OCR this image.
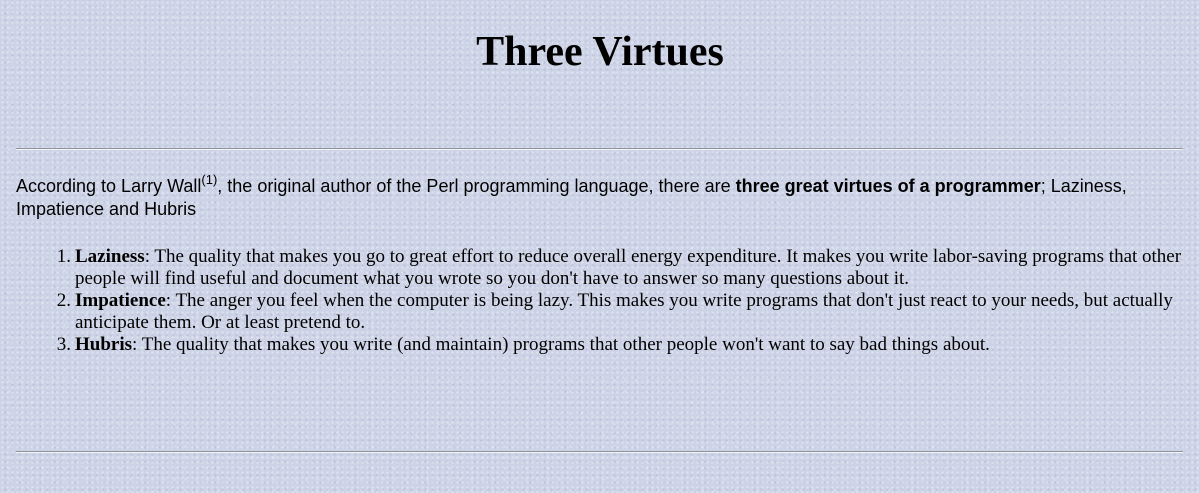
Three Virtues

According to Larry Wall$^{(1)}$, the original author of the Perl programming language, there are three great virtues of a programmer; Laziness, Impatience and Hubris

1. Laziness: The quality that makes you go to great effort to reduce overall energy expenditure. It makes you write labor-saving programs that other people will find useful and document what you wrote so you don't have to answer so many questions about it.
2. Impatience: The anger you feel when the computer is being lazy. This makes you write programs that don't just react to your needs, but actually anticipate them. Or at least pretend to.
3. Hubris: The quality that makes you write (and maintain) programs that other people won't want to say bad things about.
